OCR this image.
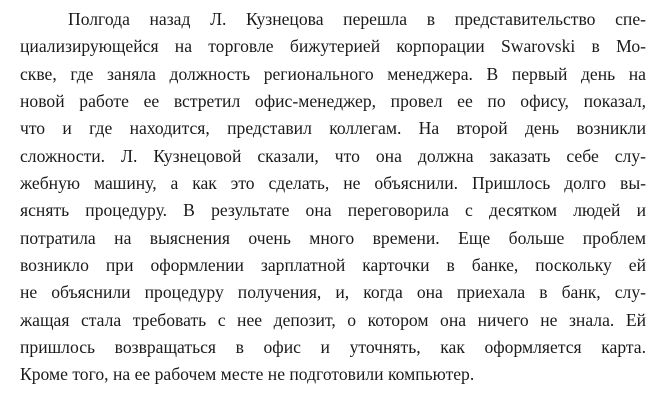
Полгода назад Л. Кузнецова перешла в представительство спе-
циализирующейся на торговле бижутерией корпорации Swarovski в Мо-
скве, где заняла должность регионального менеджера. В первый день на
новой работе ее встретил офис-менеджер, провел ее по офису, показал,
что и где находится, представил коллегам. На второй день возникли
сложности. Л. Кузнецовой сказали, что она должна заказать себе слу-
жебную машину, а как это сделать, не объяснили. Пришлось долго вы-
яснять процедуру. В результате она переговорила с десятком людей и
потратила на выяснения очень много времени. Еще больше проблем
возникло при оформлении зарплатной карточки в банке, поскольку ей
не объяснили процедуру получения, и, когда она приехала в банк, слу-
жащая стала требовать с нее депозит, о котором она ничего не знала. Ей
пришлось возвращаться в офис и уточнять, как оформляется карта.
Кроме того, на ее рабочем месте не подготовили компьютер.
